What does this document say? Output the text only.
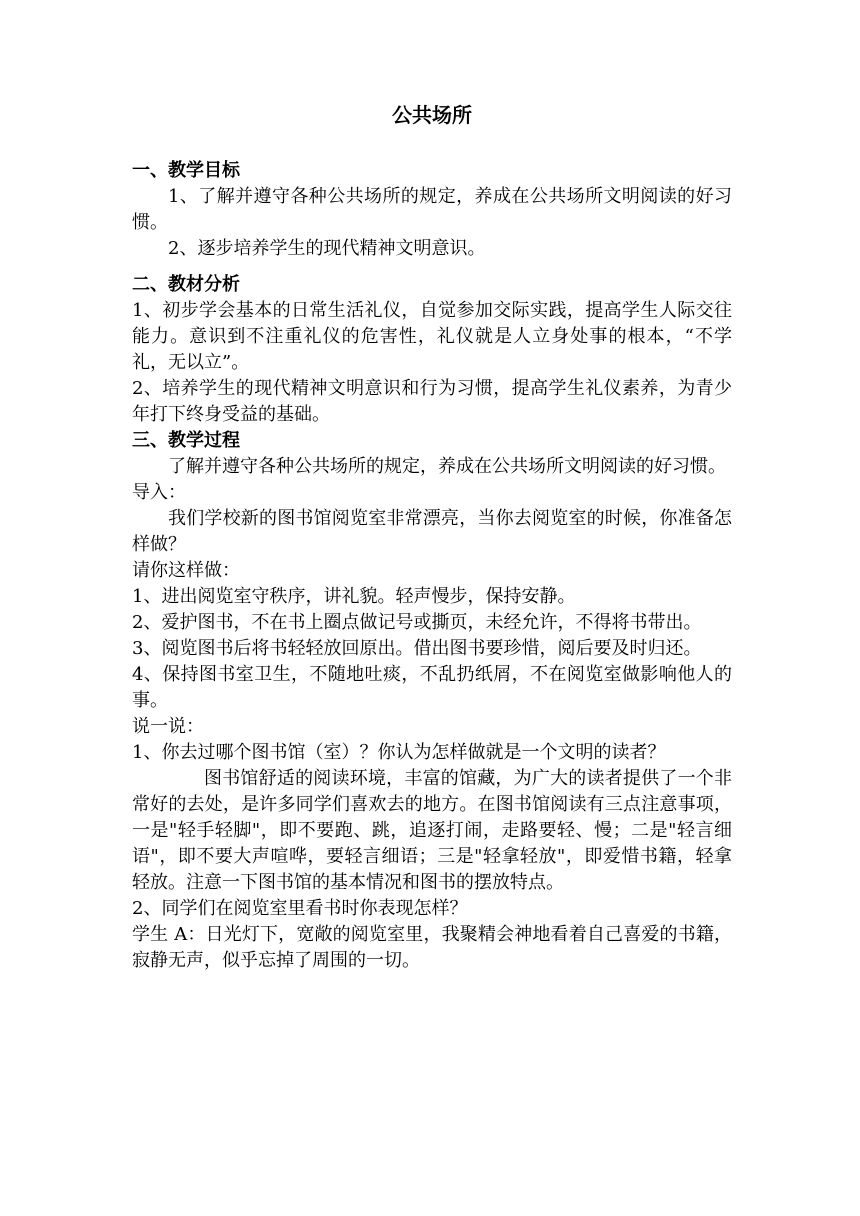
公共场所
一、教学目标

1、了解并遵守各种公共场所的规定，养成在公共场所文明阅读的好习惯。

2、逐步培养学生的现代精神文明意识。

二、教材分析

1、初步学会基本的日常生活礼仪，自觉参加交际实践，提高学生人际交往能力。意识到不注重礼仪的危害性，礼仪就是人立身处事的根本，“不学礼，无以立”。

2、培养学生的现代精神文明意识和行为习惯，提高学生礼仪素养，为青少年打下终身受益的基础。

三、教学过程

了解并遵守各种公共场所的规定，养成在公共场所文明阅读的好习惯。

导入：

我们学校新的图书馆阅览室非常漂亮，当你去阅览室的时候，你准备怎样做？

请你这样做：

1、进出阅览室守秩序，讲礼貌。轻声慢步，保持安静。

2、爱护图书，不在书上圈点做记号或撕页，未经允许，不得将书带出。

3、阅览图书后将书轻轻放回原出。借出图书要珍惜，阅后要及时归还。

4、保持图书室卫生，不随地吐痰，不乱扔纸屑，不在阅览室做影响他人的事。

说一说：

1、你去过哪个图书馆（室）？你认为怎样做就是一个文明的读者？

图书馆舒适的阅读环境，丰富的馆藏，为广大的读者提供了一个非常好的去处，是许多同学们喜欢去的地方。在图书馆阅读有三点注意事项，一是"轻手轻脚"，即不要跑、跳，追逐打闹，走路要轻、慢；二是"轻言细语"，即不要大声喧哗，要轻言细语；三是"轻拿轻放"，即爱惜书籍，轻拿轻放。注意一下图书馆的基本情况和图书的摆放特点。

2、同学们在阅览室里看书时你表现怎样？

学生 A：日光灯下，宽敞的阅览室里，我聚精会神地看着自己喜爱的书籍，寂静无声，似乎忘掉了周围的一切。
